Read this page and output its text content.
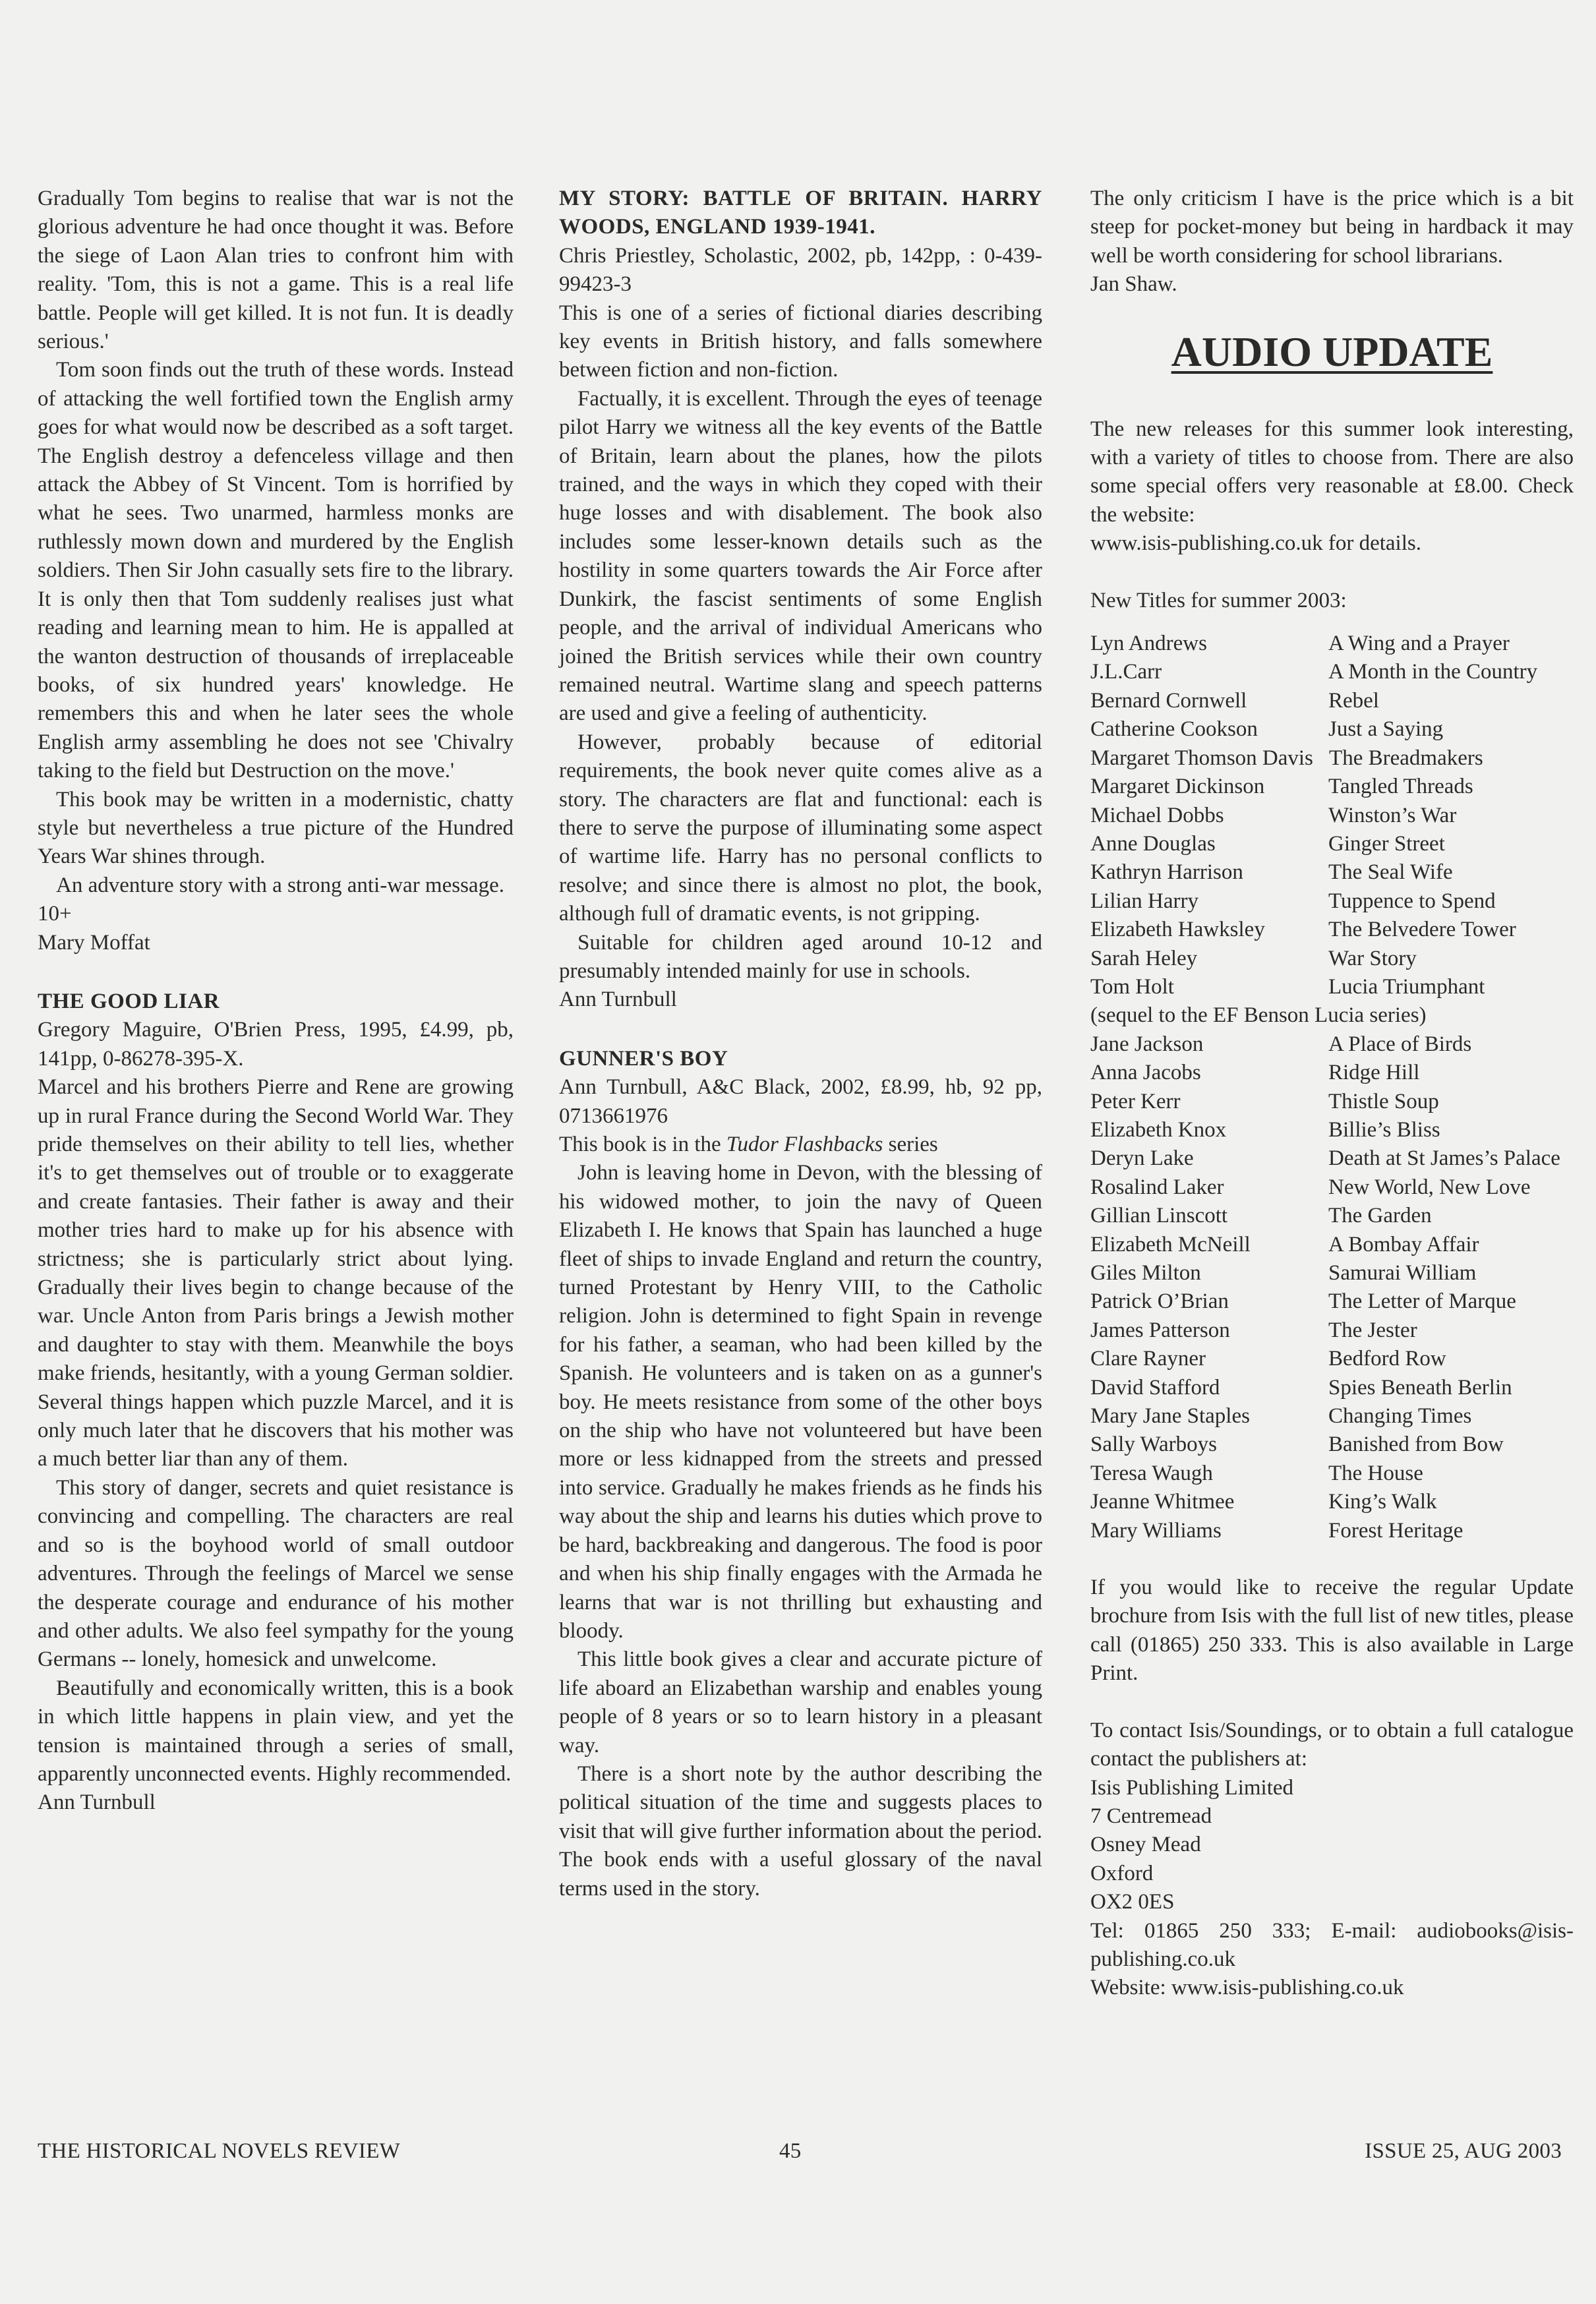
Gradually Tom begins to realise that war is not the glorious adventure he had once thought it was. Before the siege of Laon Alan tries to confront him with reality. 'Tom, this is not a game. This is a real life battle. People will get killed. It is not fun. It is deadly serious.'

Tom soon finds out the truth of these words. Instead of attacking the well fortified town the English army goes for what would now be described as a soft target. The English destroy a defenceless village and then attack the Abbey of St Vincent. Tom is horrified by what he sees. Two unarmed, harmless monks are ruthlessly mown down and murdered by the English soldiers. Then Sir John casually sets fire to the library. It is only then that Tom suddenly realises just what reading and learning mean to him. He is appalled at the wanton destruction of thousands of irreplaceable books, of six hundred years' knowledge. He remembers this and when he later sees the whole English army assembling he does not see 'Chivalry taking to the field but Destruction on the move.'

This book may be written in a modernistic, chatty style but nevertheless a true picture of the Hundred Years War shines through.

An adventure story with a strong anti-war message.

10+

Mary Moffat

THE GOOD LIAR

Gregory Maguire, O'Brien Press, 1995, £4.99, pb, 141pp, 0-86278-395-X.

Marcel and his brothers Pierre and Rene are growing up in rural France during the Second World War. They pride themselves on their ability to tell lies, whether it's to get themselves out of trouble or to exaggerate and create fantasies. Their father is away and their mother tries hard to make up for his absence with strictness; she is particularly strict about lying. Gradually their lives begin to change because of the war. Uncle Anton from Paris brings a Jewish mother and daughter to stay with them. Meanwhile the boys make friends, hesitantly, with a young German soldier. Several things happen which puzzle Marcel, and it is only much later that he discovers that his mother was a much better liar than any of them.

This story of danger, secrets and quiet resistance is convincing and compelling. The characters are real and so is the boyhood world of small outdoor adventures. Through the feelings of Marcel we sense the desperate courage and endurance of his mother and other adults. We also feel sympathy for the young Germans -- lonely, homesick and unwelcome.

Beautifully and economically written, this is a book in which little happens in plain view, and yet the tension is maintained through a series of small, apparently unconnected events. Highly recommended.

Ann Turnbull

MY STORY: BATTLE OF BRITAIN. HARRY WOODS, ENGLAND 1939-1941.

Chris Priestley, Scholastic, 2002, pb, 142pp, : 0-439-99423-3

This is one of a series of fictional diaries describing key events in British history, and falls somewhere between fiction and non-fiction.

Factually, it is excellent. Through the eyes of teenage pilot Harry we witness all the key events of the Battle of Britain, learn about the planes, how the pilots trained, and the ways in which they coped with their huge losses and with disablement. The book also includes some lesser-known details such as the hostility in some quarters towards the Air Force after Dunkirk, the fascist sentiments of some English people, and the arrival of individual Americans who joined the British services while their own country remained neutral. Wartime slang and speech patterns are used and give a feeling of authenticity.

However, probably because of editorial requirements, the book never quite comes alive as a story. The characters are flat and functional: each is there to serve the purpose of illuminating some aspect of wartime life. Harry has no personal conflicts to resolve; and since there is almost no plot, the book, although full of dramatic events, is not gripping.

Suitable for children aged around 10-12 and presumably intended mainly for use in schools.

Ann Turnbull

GUNNER'S BOY

Ann Turnbull, A&C Black, 2002, £8.99, hb, 92 pp, 0713661976

This book is in the Tudor Flashbacks series

John is leaving home in Devon, with the blessing of his widowed mother, to join the navy of Queen Elizabeth I. He knows that Spain has launched a huge fleet of ships to invade England and return the country, turned Protestant by Henry VIII, to the Catholic religion. John is determined to fight Spain in revenge for his father, a seaman, who had been killed by the Spanish. He volunteers and is taken on as a gunner's boy. He meets resistance from some of the other boys on the ship who have not volunteered but have been more or less kidnapped from the streets and pressed into service. Gradually he makes friends as he finds his way about the ship and learns his duties which prove to be hard, backbreaking and dangerous. The food is poor and when his ship finally engages with the Armada he learns that war is not thrilling but exhausting and bloody.

This little book gives a clear and accurate picture of life aboard an Elizabethan warship and enables young people of 8 years or so to learn history in a pleasant way.

There is a short note by the author describing the political situation of the time and suggests places to visit that will give further information about the period. The book ends with a useful glossary of the naval terms used in the story.

The only criticism I have is the price which is a bit steep for pocket-money but being in hardback it may well be worth considering for school librarians.

Jan Shaw.

AUDIO UPDATE

The new releases for this summer look interesting, with a variety of titles to choose from. There are also some special offers very reasonable at £8.00. Check the website:

www.isis-publishing.co.uk for details.

New Titles for summer 2003:

Lyn Andrews	A Wing and a Prayer
J.L.Carr	A Month in the Country
Bernard Cornwell	Rebel
Catherine Cookson	Just a Saying
Margaret Thomson Davis   The Breadmakers
Margaret Dickinson	Tangled Threads
Michael Dobbs	Winston’s War
Anne Douglas	Ginger Street
Kathryn Harrison	The Seal Wife
Lilian Harry	Tuppence to Spend
Elizabeth Hawksley	The Belvedere Tower
Sarah Heley	War Story
Tom Holt	Lucia Triumphant
(sequel to the EF Benson Lucia series)
Jane Jackson	A Place of Birds
Anna Jacobs	Ridge Hill
Peter Kerr	Thistle Soup
Elizabeth Knox	Billie’s Bliss
Deryn Lake	Death at St James’s Palace
Rosalind Laker	New World, New Love
Gillian Linscott	The Garden
Elizabeth McNeill	A Bombay Affair
Giles Milton	Samurai William
Patrick O’Brian	The Letter of Marque
James Patterson	The Jester
Clare Rayner	Bedford Row
David Stafford	Spies Beneath Berlin
Mary Jane Staples	Changing Times
Sally Warboys	Banished from Bow
Teresa Waugh	The House
Jeanne Whitmee	King’s Walk
Mary Williams	Forest Heritage

If you would like to receive the regular Update brochure from Isis with the full list of new titles, please call (01865) 250 333. This is also available in Large Print.

To contact Isis/Soundings, or to obtain a full catalogue contact the publishers at:

Isis Publishing Limited

7 Centremead

Osney Mead

Oxford

OX2 0ES

Tel: 01865 250 333; E-mail: audiobooks@isis-publishing.co.uk

Website: www.isis-publishing.co.uk

THE HISTORICAL NOVELS REVIEW	45	ISSUE 25, AUG 2003
